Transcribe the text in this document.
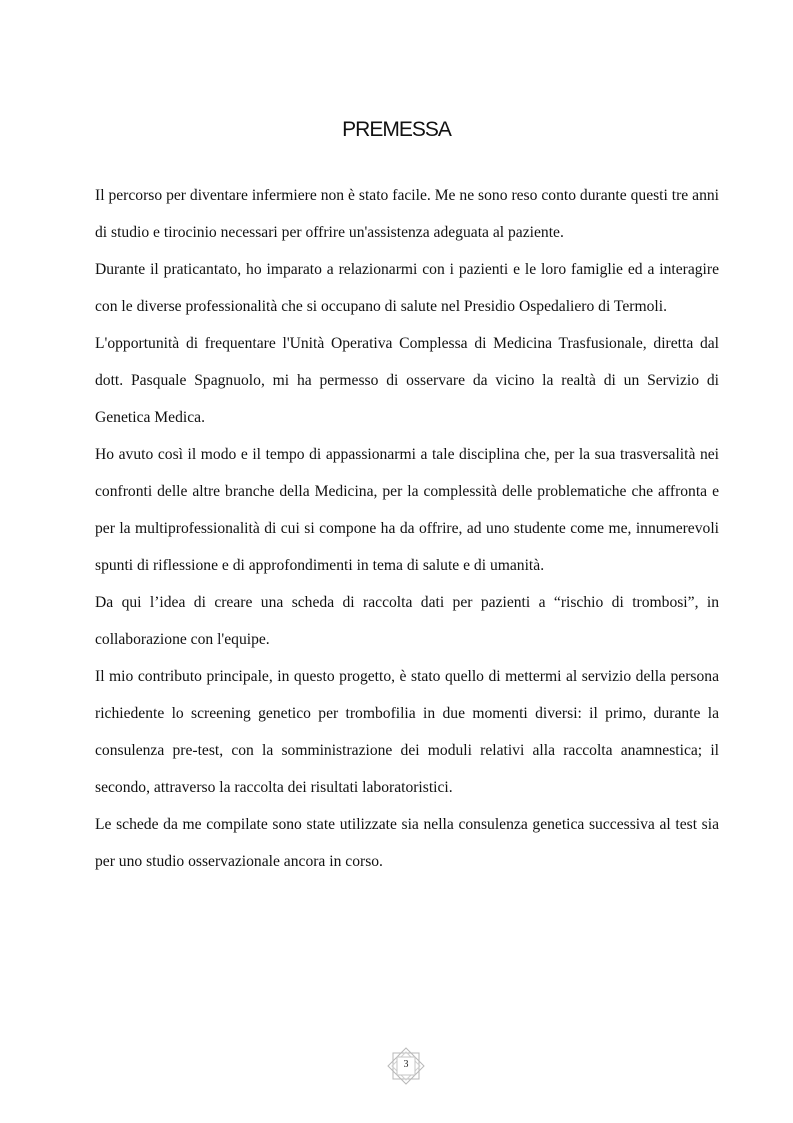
PREMESSA

Il percorso per diventare infermiere non è stato facile. Me ne sono reso conto durante questi tre anni di studio e tirocinio necessari per offrire un'assistenza adeguata al paziente.

Durante il praticantato, ho imparato a relazionarmi con i pazienti e le loro famiglie ed a interagire con le diverse professionalità che si occupano di salute nel Presidio Ospedaliero di Termoli.

L'opportunità di frequentare l'Unità Operativa Complessa di Medicina Trasfusionale, diretta dal dott. Pasquale Spagnuolo, mi ha permesso di osservare da vicino la realtà di un Servizio di Genetica Medica.

Ho avuto così il modo e il tempo di appassionarmi a tale disciplina che, per la sua trasversalità nei confronti delle altre branche della Medicina, per la complessità delle problematiche che affronta e per la multiprofessionalità di cui si compone ha da offrire, ad uno studente come me, innumerevoli spunti di riflessione e di approfondimenti in tema di salute e di umanità.

Da qui l’idea di creare una scheda di raccolta dati per pazienti a “rischio di trombosi”, in collaborazione con l'equipe.

Il mio contributo principale, in questo progetto, è stato quello di mettermi al servizio della persona richiedente lo screening genetico per trombofilia in due momenti diversi: il primo, durante la consulenza pre-test, con la somministrazione dei moduli relativi alla raccolta anamnestica; il secondo, attraverso la raccolta dei risultati laboratoristici.

Le schede da me compilate sono state utilizzate sia nella consulenza genetica successiva al test sia per uno studio osservazionale ancora in corso.

3
